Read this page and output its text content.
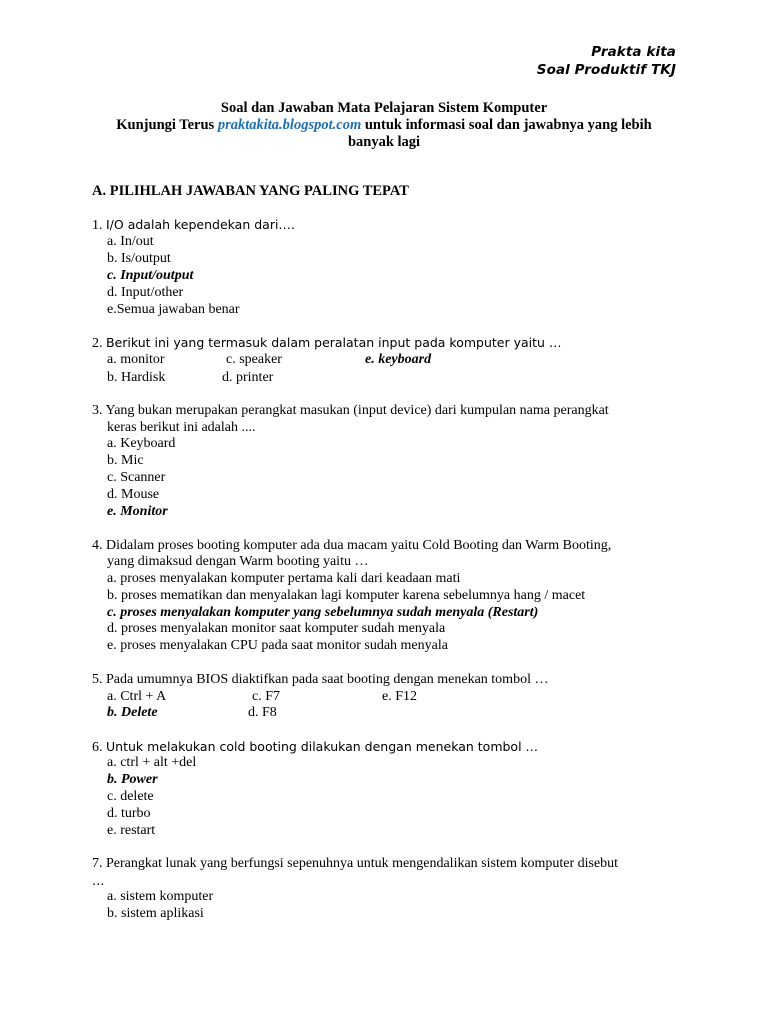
Prakta kita
Soal Produktif TKJ
Soal dan Jawaban Mata Pelajaran Sistem Komputer
Kunjungi Terus praktakita.blogspot.com untuk informasi soal dan jawabnya yang lebih
banyak lagi
A. PILIHLAH JAWABAN YANG PALING TEPAT
1. I/O adalah kependekan dari….
a. In/out
b. Is/output
c. Input/output
d. Input/other
e.Semua jawaban benar
2. Berikut ini yang termasuk dalam peralatan input pada komputer yaitu …
a. monitor	c. speaker	e. keyboard
b. Hardisk	d. printer
3. Yang bukan merupakan perangkat masukan (input device) dari kumpulan nama perangkat
keras berikut ini adalah ....
a. Keyboard
b. Mic
c. Scanner
d. Mouse
e. Monitor
4. Didalam proses booting komputer ada dua macam yaitu Cold Booting dan Warm Booting,
yang dimaksud dengan Warm booting yaitu …
a. proses menyalakan komputer pertama kali dari keadaan mati
b. proses mematikan dan menyalakan lagi komputer karena sebelumnya hang / macet
c. proses menyalakan komputer yang sebelumnya sudah menyala (Restart)
d. proses menyalakan monitor saat komputer sudah menyala
e. proses menyalakan CPU pada saat monitor sudah menyala
5. Pada umumnya BIOS diaktifkan pada saat booting dengan menekan tombol …
a. Ctrl + A	c. F7	e. F12
b. Delete	d. F8
6. Untuk melakukan cold booting dilakukan dengan menekan tombol …
a. ctrl + alt +del
b. Power
c. delete
d. turbo
e. restart
7. Perangkat lunak yang berfungsi sepenuhnya untuk mengendalikan sistem komputer disebut
…
a. sistem komputer
b. sistem aplikasi
